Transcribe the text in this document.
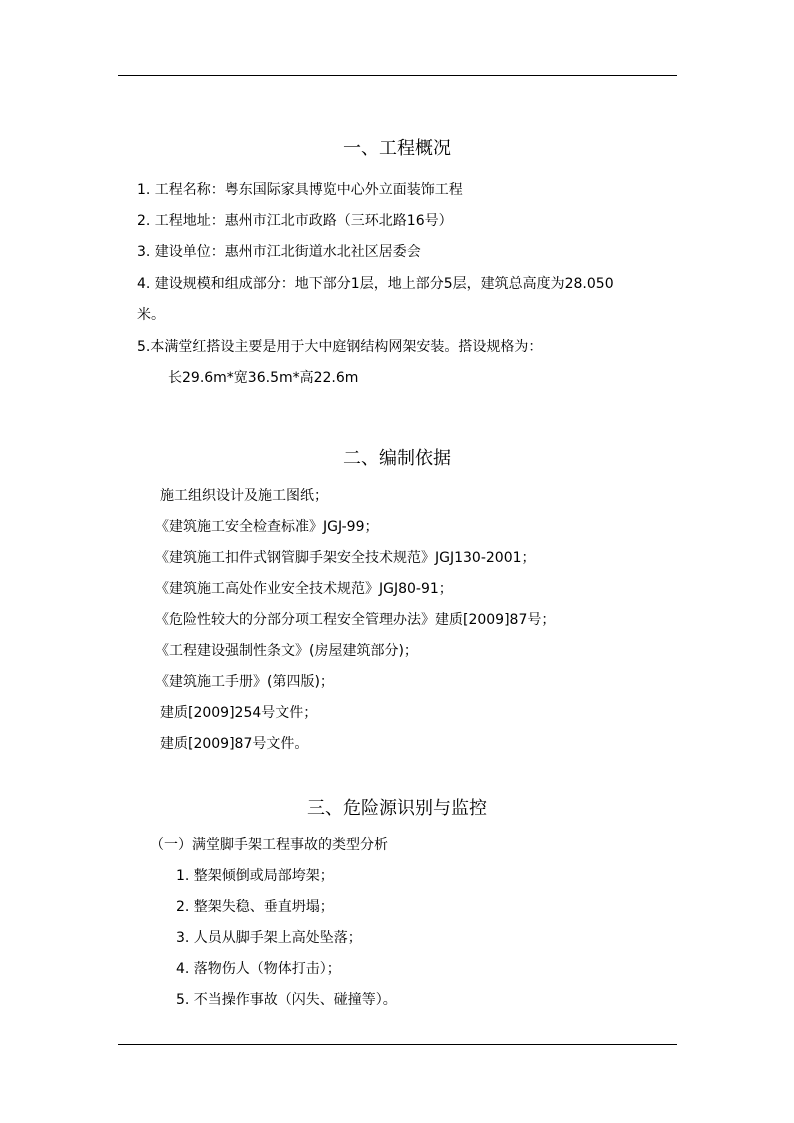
一、工程概况
1. 工程名称：粤东国际家具博览中心外立面装饰工程
2. 工程地址：惠州市江北市政路（三环北路16号）
3. 建设单位：惠州市江北街道水北社区居委会
4. 建设规模和组成部分：地下部分1层，地上部分5层，建筑总高度为28.050
米。
5.本满堂红搭设主要是用于大中庭钢结构网架安装。搭设规格为：
长29.6m*宽36.5m*高22.6m
二、编制依据
施工组织设计及施工图纸；
《建筑施工安全检查标准》JGJ-99；
《建筑施工扣件式钢管脚手架安全技术规范》JGJ130-2001；
《建筑施工高处作业安全技术规范》JGJ80-91；
《危险性较大的分部分项工程安全管理办法》建质[2009]87号；
《工程建设强制性条文》(房屋建筑部分)；
《建筑施工手册》(第四版)；
建质[2009]254号文件；
建质[2009]87号文件。
三、危险源识别与监控
（一）满堂脚手架工程事故的类型分析
1. 整架倾倒或局部垮架；
2. 整架失稳、垂直坍塌；
3. 人员从脚手架上高处坠落；
4. 落物伤人（物体打击）；
5. 不当操作事故（闪失、碰撞等）。
